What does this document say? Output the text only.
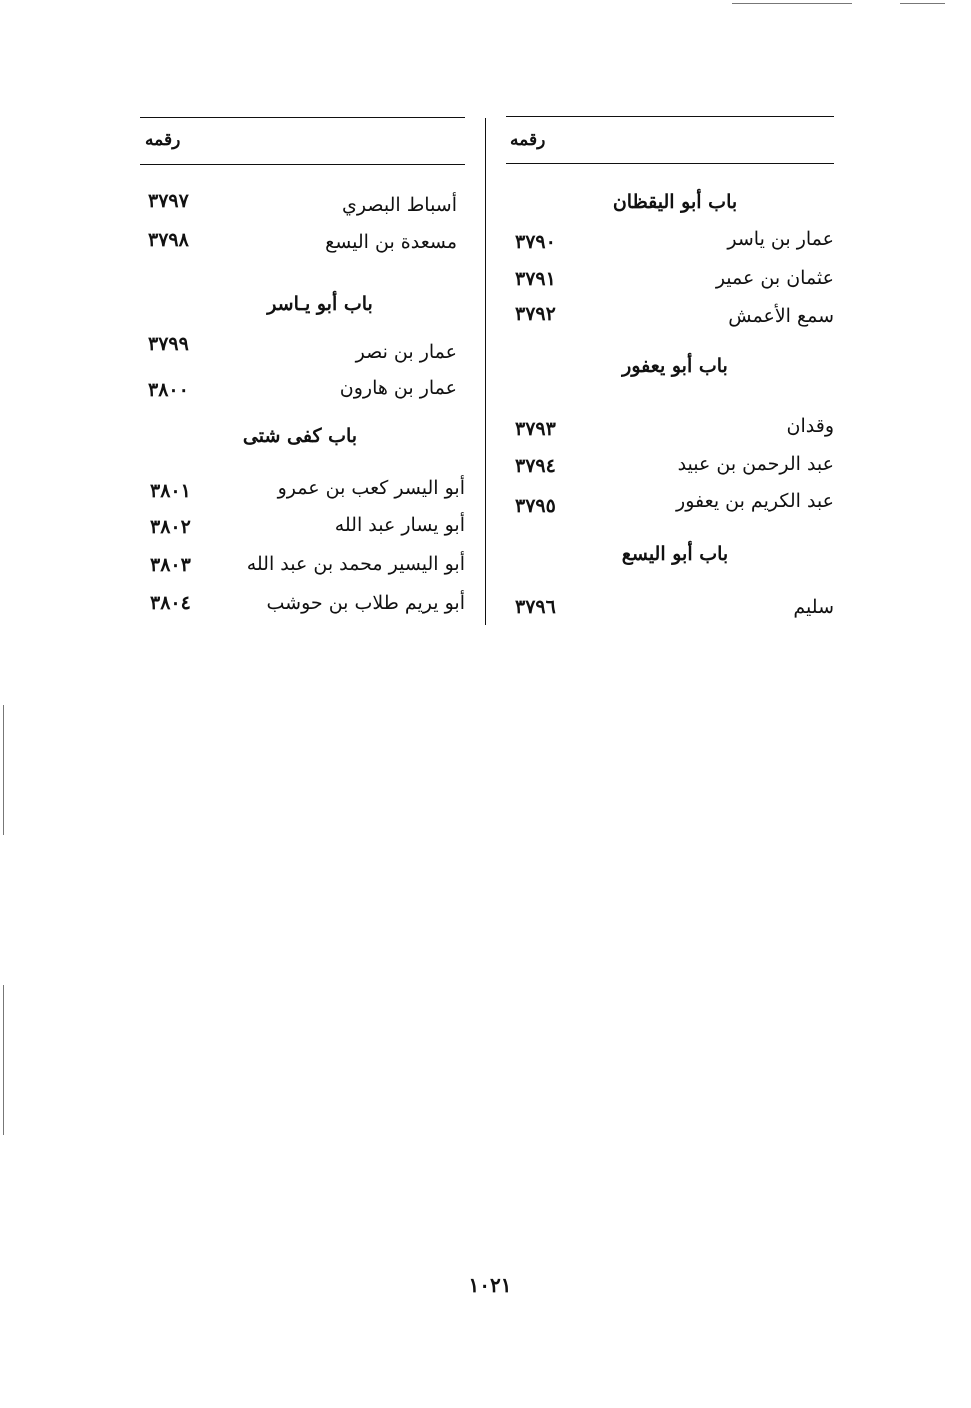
رقمه	رقمه
باب أبو اليقظان
عمار بن ياسر
٣٧٩٠
عثمان بن عمير
٣٧٩١
سمع الأعمش
٣٧٩٢
باب أبو يعفور
وقدان
٣٧٩٣
عبد الرحمن بن عبيد
٣٧٩٤
عبد الكريم بن يعفور
٣٧٩٥
باب أبو اليسع
سليم
٣٧٩٦
أسباط البصري
٣٧٩٧
مسعدة بن اليسع
٣٧٩٨
باب أبو يـاسر
عمار بن نصر
٣٧٩٩
عمار بن هارون
٣٨٠٠
باب كفى شتى
أبو اليسر كعب بن عمرو
٣٨٠١
أبو يسار عبد الله
٣٨٠٢
أبو اليسير محمد بن عبد الله
٣٨٠٣
أبو يريم طلاب بن حوشب
٣٨٠٤
١٠٢١
